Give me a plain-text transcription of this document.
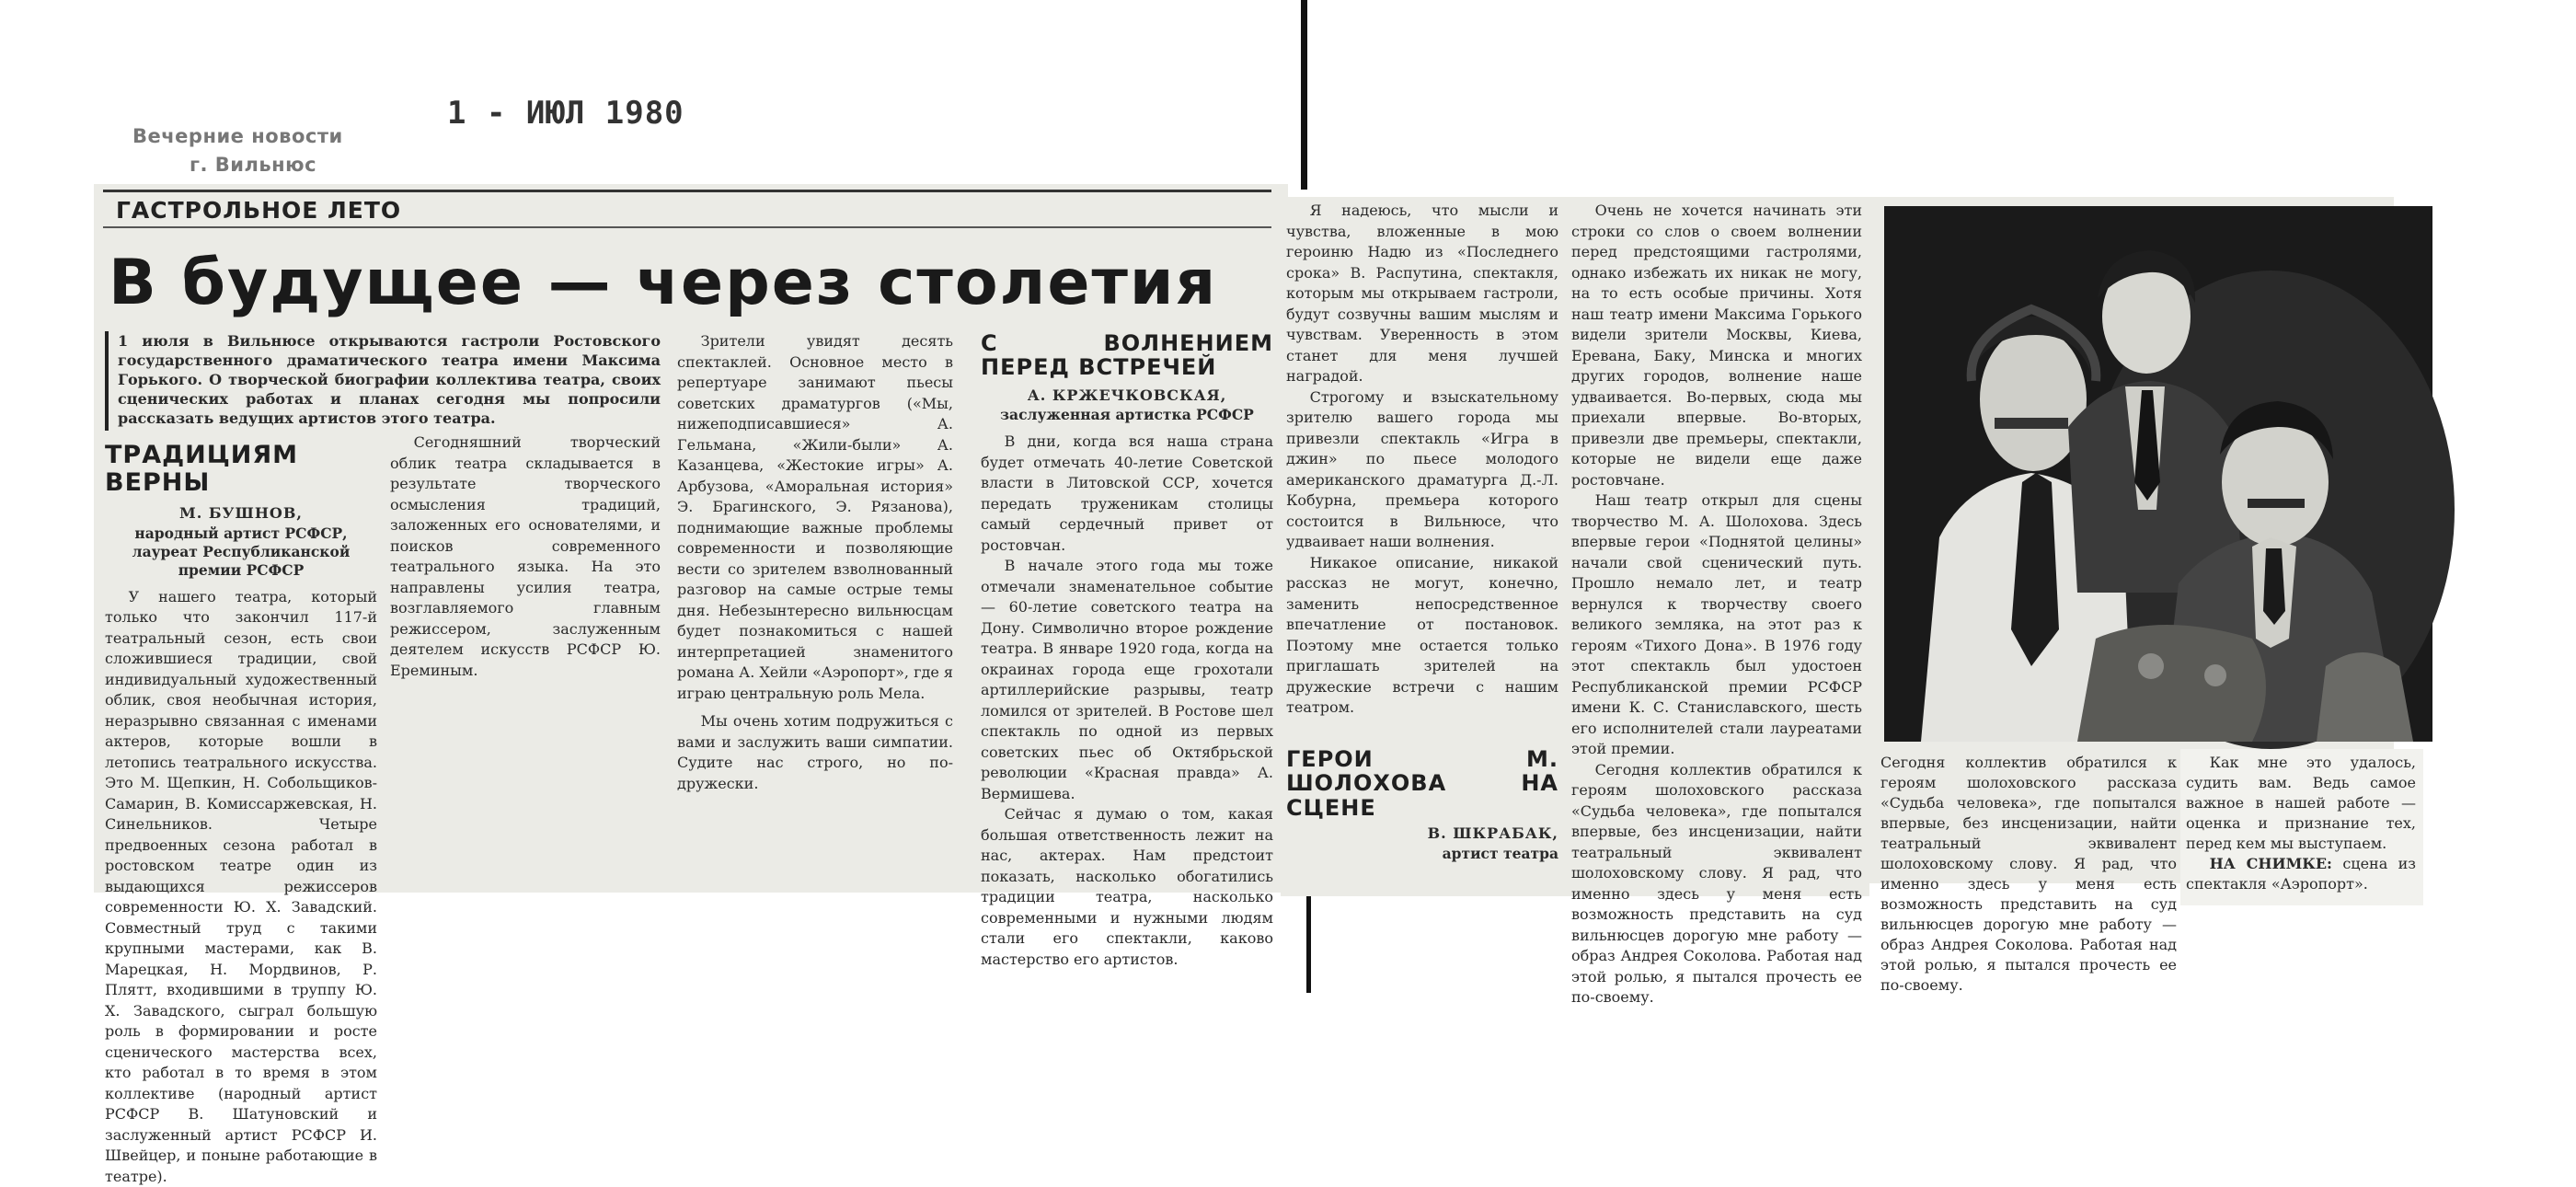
Вечерние новости
г. Вильнюс
1 - ИЮЛ 1980
ГАСТРОЛЬНОЕ ЛЕТО
В будущее — через столетия

1 июля в Вильнюсе открываются гастроли Ростовского государственного драматического театра имени Максима Горького. О творческой биографии коллектива театра, своих сценических работах и планах сегодня мы попросили рассказать ведущих артистов этого театра.

ТРАДИЦИЯМ ВЕРНЫ
М. БУШНОВ,
народный артист РСФСР, лауреат Республиканской премии РСФСР

У нашего театра, который только что закончил 117-й театральный сезон, есть свои сложившиеся традиции, свой индивидуальный художественный облик, своя необычная история, неразрывно связанная с именами актеров, которые вошли в летопись театрального искусства. Это М. Щепкин, Н. Собольщиков-Самарин, В. Комиссаржевская, Н. Синельников. Четыре предвоенных сезона работал в ростовском театре один из выдающихся режиссеров современности Ю. Х. Завадский. Совместный труд с такими крупными мастерами, как В. Марецкая, Н. Мордвинов, Р. Плятт, входившими в труппу Ю. Х. Завадского, сыграл большую роль в формировании и росте сценического мастерства всех, кто работал в то время в этом коллективе (народный артист РСФСР В. Шатуновский и заслуженный артист РСФСР И. Швейцер, и поныне работающие в театре).

Сегодняшний творческий облик театра складывается в результате творческого осмысления традиций, заложенных его основателями, и поисков современного театрального языка. На это направлены усилия театра, возглавляемого главным режиссером, заслуженным деятелем искусств РСФСР Ю. Ереминым.

Зрители увидят десять спектаклей. Основное место в репертуаре занимают пьесы советских драматургов («Мы, нижеподписавшиеся» А. Гельмана, «Жили-были» А. Казанцева, «Жестокие игры» А. Арбузова, «Аморальная история» Э. Брагинского, Э. Рязанова), поднимающие важные проблемы современности и позволяющие вести со зрителем взволнованный разговор на самые острые темы дня. Небезынтересно вильнюсцам будет познакомиться с нашей интерпретацией знаменитого романа А. Хейли «Аэропорт», где я играю центральную роль Мела.

Мы очень хотим подружиться с вами и заслужить ваши симпатии. Судите нас строго, но по-дружески.

С ВОЛНЕНИЕМ ПЕРЕД ВСТРЕЧЕЙ
А. КРЖЕЧКОВСКАЯ,
заслуженная артистка РСФСР

В дни, когда вся наша страна будет отмечать 40-летие Советской власти в Литовской ССР, хочется передать труженикам столицы самый сердечный привет от ростовчан.

В начале этого года мы тоже отмечали знаменательное событие — 60-летие советского театра на Дону. Символично второе рождение театра. В январе 1920 года, когда на окраинах города еще грохотали артиллерийские разрывы, театр ломился от зрителей. В Ростове шел спектакль по одной из первых советских пьес об Октябрьской революции «Красная правда» А. Вермишева.

Сейчас я думаю о том, какая большая ответственность лежит на нас, актерах. Нам предстоит показать, насколько обогатились традиции театра, насколько современными и нужными людям стали его спектакли, каково мастерство его артистов.

Я надеюсь, что мысли и чувства, вложенные в мою героиню Надю из «Последнего срока» В. Распутина, спектакля, которым мы открываем гастроли, будут созвучны вашим мыслям и чувствам. Уверенность в этом станет для меня лучшей наградой.

Строгому и взыскательному зрителю вашего города мы привезли спектакль «Игра в джин» по пьесе молодого американского драматурга Д.-Л. Кобурна, премьера которого состоится в Вильнюсе, что удваивает наши волнения.

Никакое описание, никакой рассказ не могут, конечно, заменить непосредственное впечатление от постановок. Поэтому мне остается только приглашать зрителей на дружеские встречи с нашим театром.

ГЕРОИ М. ШОЛОХОВА НА СЦЕНЕ
В. ШКРАБАК,
артист театра

Очень не хочется начинать эти строки со слов о своем волнении перед предстоящими гастролями, однако избежать их никак не могу, на то есть особые причины. Хотя наш театр имени Максима Горького видели зрители Москвы, Киева, Еревана, Баку, Минска и многих других городов, волнение наше удваивается. Во-первых, сюда мы приехали впервые. Во-вторых, привезли две премьеры, спектакли, которые не видели еще даже ростовчане.

Наш театр открыл для сцены творчество М. А. Шолохова. Здесь впервые герои «Поднятой целины» начали свой сценический путь. Прошло немало лет, и театр вернулся к творчеству своего великого земляка, на этот раз к героям «Тихого Дона». В 1976 году этот спектакль был удостоен Республиканской премии РСФСР имени К. С. Станиславского, шесть его исполнителей стали лауреатами этой премии.

Сегодня коллектив обратился к героям шолоховского рассказа «Судьба человека», где попытался впервые, без инсценизации, найти театральный эквивалент шолоховскому слову. Я рад, что именно здесь у меня есть возможность представить на суд вильнюсцев дорогую мне работу — образ Андрея Соколова. Работая над этой ролью, я пытался прочесть ее по-своему.

Сегодня коллектив обратился к героям шолоховского рассказа «Судьба человека», где попытался впервые, без инсценизации, найти театральный эквивалент шолоховскому слову. Я рад, что именно здесь у меня есть возможность представить на суд вильнюсцев дорогую мне работу — образ Андрея Соколова. Работая над этой ролью, я пытался прочесть ее по-своему.

Как мне это удалось, судить вам. Ведь самое важное в нашей работе — оценка и признание тех, перед кем мы выступаем.

НА СНИМКЕ: сцена из спектакля «Аэропорт».
